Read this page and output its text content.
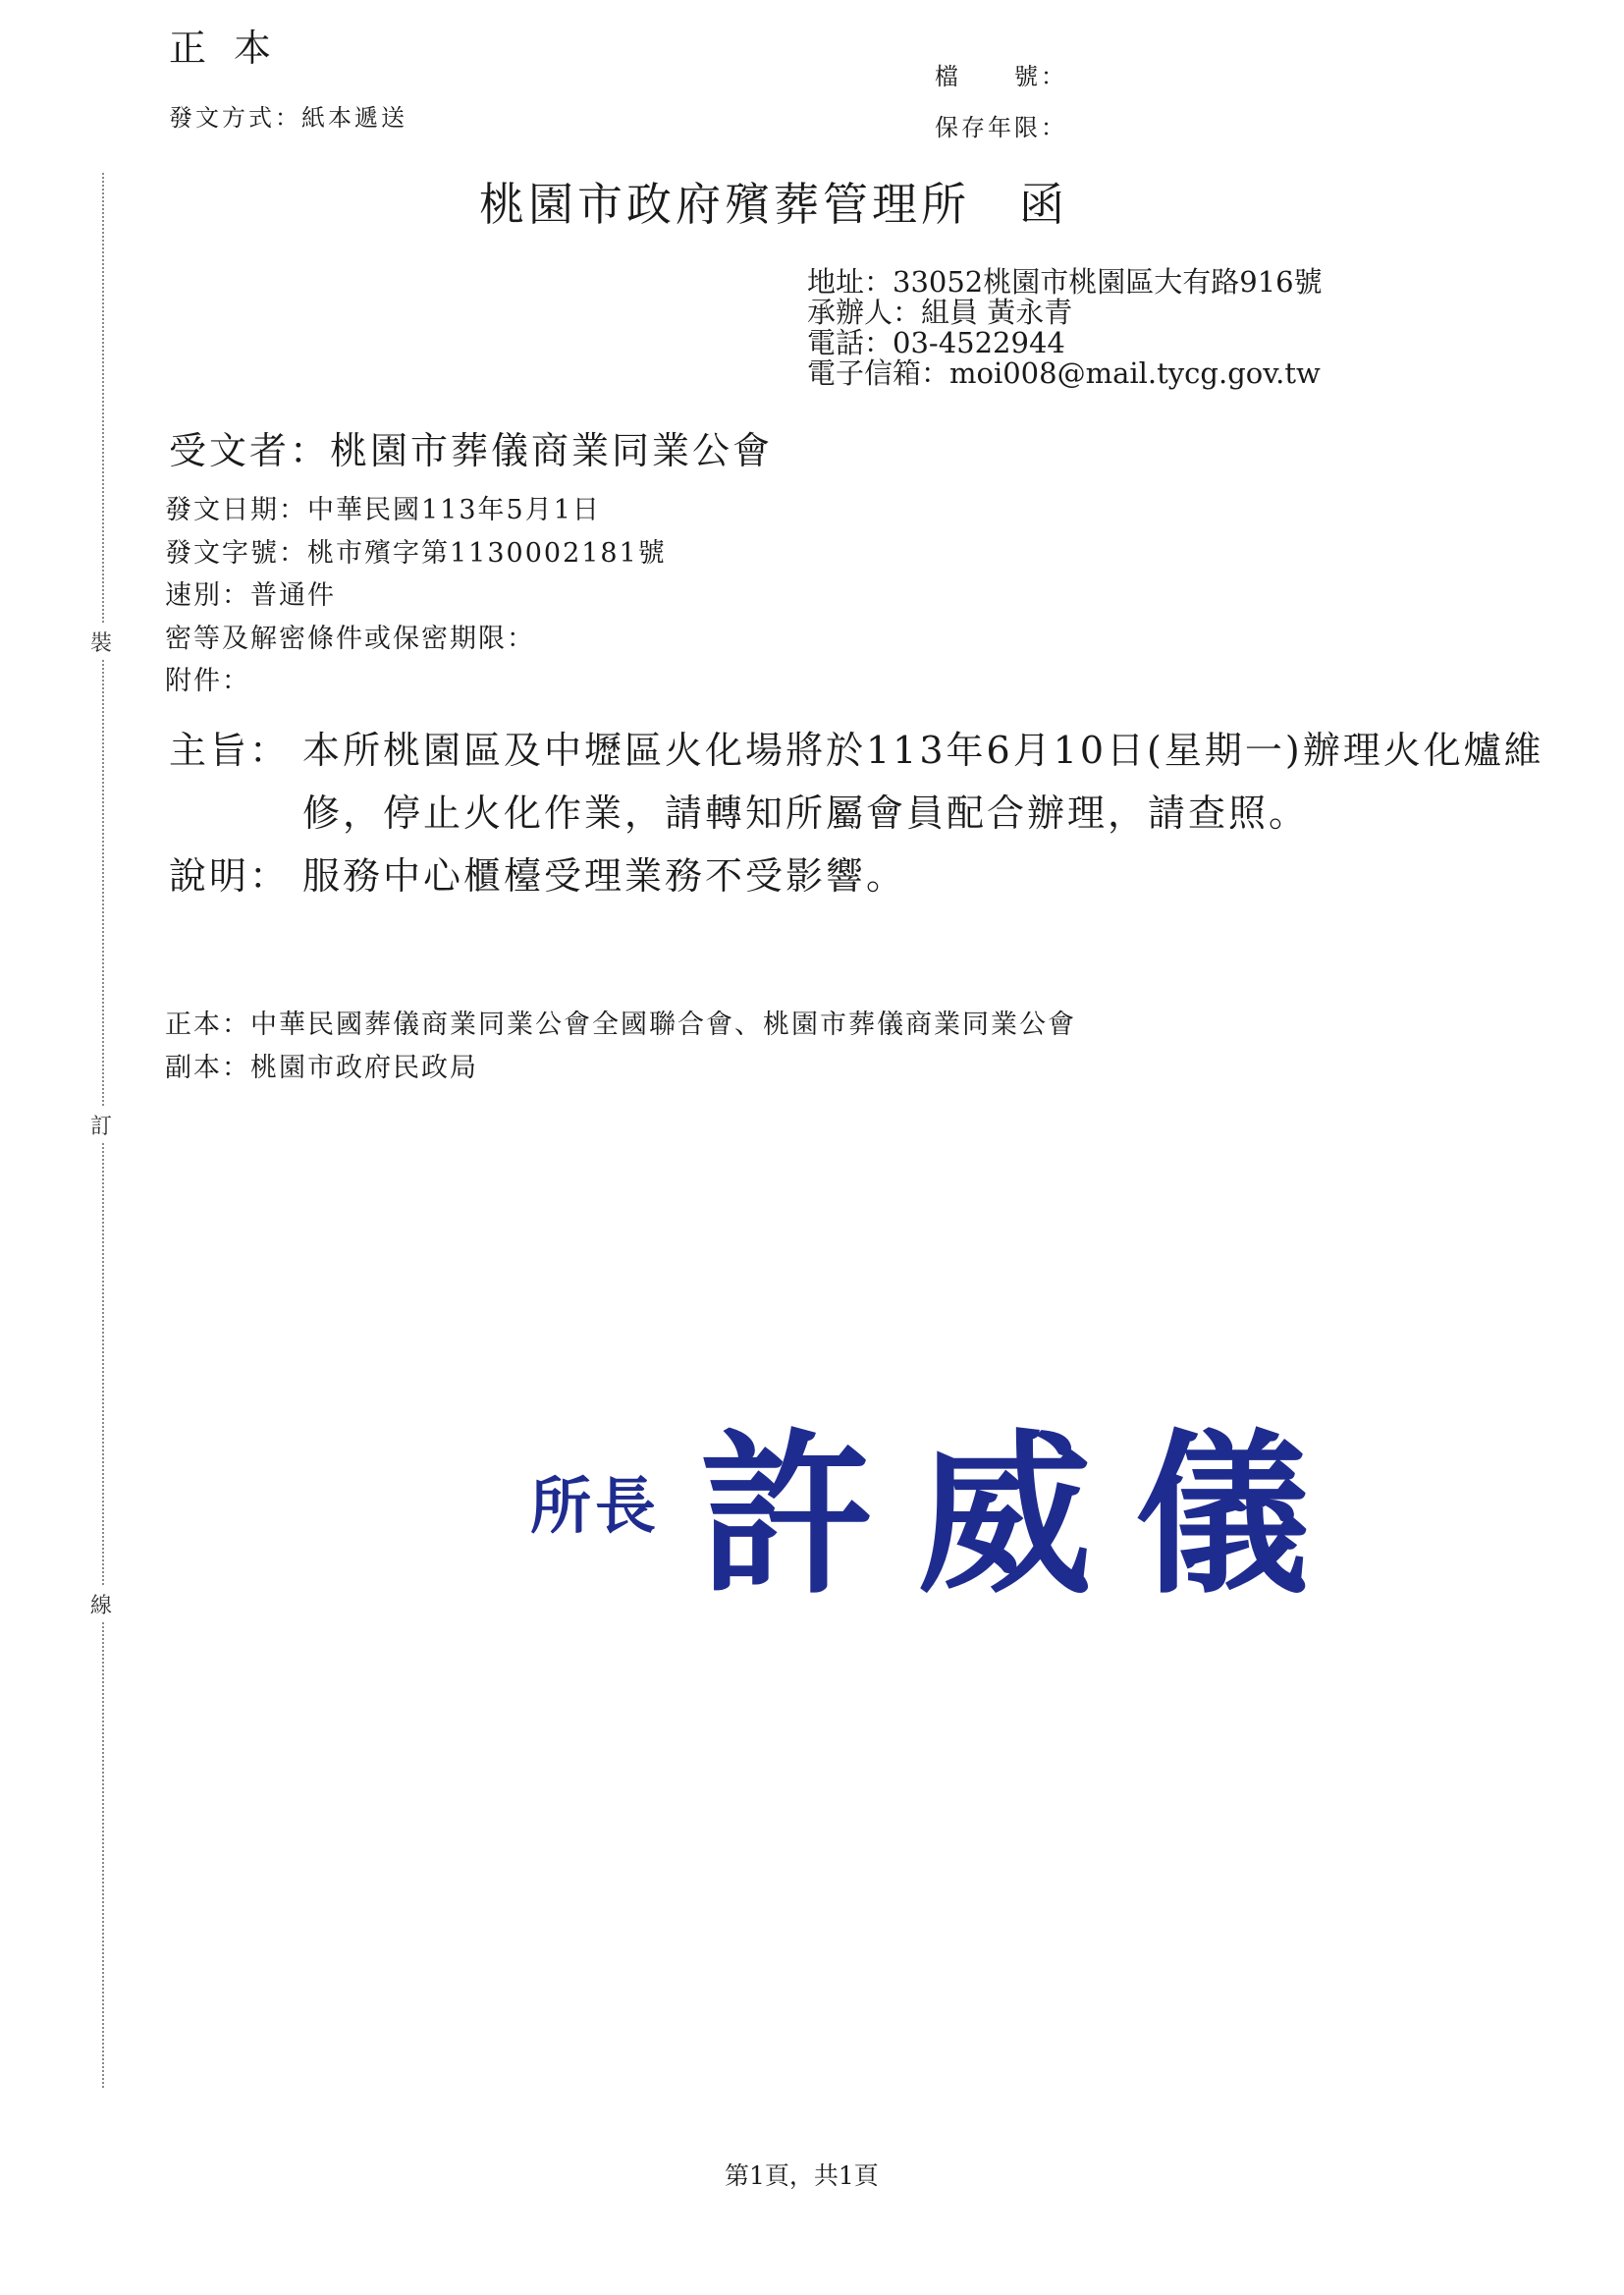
正本
發文方式：紙本遞送
檔　　號：
保存年限：
桃園市政府殯葬管理所　函
地址：33052桃園市桃園區大有路916號
承辦人：組員 黃永青
電話：03-4522944
電子信箱：moi008@mail.tycg.gov.tw
受文者：桃園市葬儀商業同業公會
發文日期：中華民國113年5月1日
發文字號：桃市殯字第1130002181號
速別：普通件
密等及解密條件或保密期限：
附件：
主旨： 本所桃園區及中壢區火化場將於113年6月10日(星期一)辦理火化爐維修，停止火化作業，請轉知所屬會員配合辦理，請查照。
說明： 服務中心櫃檯受理業務不受影響。
正本：中華民國葬儀商業同業公會全國聯合會、桃園市葬儀商業同業公會
副本：桃園市政府民政局
裝
訂
線
所長 許威儀
第1頁，共1頁
